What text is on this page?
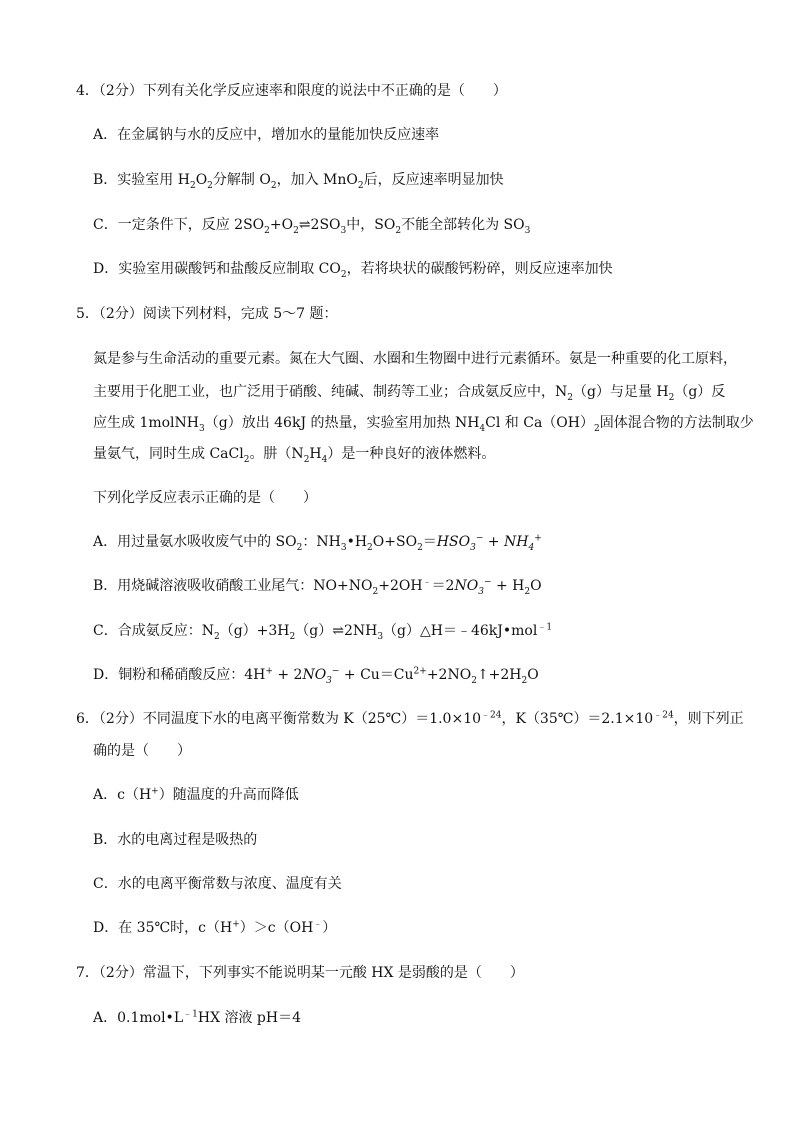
4．（2分）下列有关化学反应速率和限度的说法中不正确的是（　　）
A．在金属钠与水的反应中，增加水的量能加快反应速率
B．实验室用 $H_2O_2$分解制 $O_2$，加入 MnO$_2$后，反应速率明显加快
C．一定条件下，反应 $2SO_2+O_2\rightleftharpoons 2SO_3$中，$SO_2$不能全部转化为 $SO_3$
D．实验室用碳酸钙和盐酸反应制取 $CO_2$，若将块状的碳酸钙粉碎，则反应速率加快
5．（2分）阅读下列材料，完成 5～7 题：
氮是参与生命活动的重要元素。氮在大气圈、水圈和生物圈中进行元素循环。氨是一种重要的化工原料，
主要用于化肥工业，也广泛用于硝酸、纯碱、制药等工业；合成氨反应中，$N_2(g)$与足量 $H_2(g)$反
应生成 1molNH$_3$（g）放出 46kJ 的热量，实验室用加热 $NH_4Cl$ 和 $Ca(OH)_2$固体混合物的方法制取少
量氨气，同时生成 CaCl$_2$。肼$(N_2H_4)$是一种良好的液体燃料。
下列化学反应表示正确的是（　　）
A．用过量氨水吸收废气中的 $SO_2$：$NH_3•H_2O+SO_2=HSO_3^- + NH_4^+$
B．用烧碱溶液吸收硝酸工业尾气：$NO+NO_2+2OH^﹣=2NO_3^- + H_2O$
C．合成氨反应：$N_2(g)+3H_2(g)\rightleftharpoons 2NH_3(g)\triangle H=﹣46kJ•mol^{﹣1}$
D．铜粉和稀硝酸反应：$4H^+ + 2NO_3^-$ + $Cu=Cu^{2+}+2NO_2↑+2H_2O$
6．（2分）不同温度下水的电离平衡常数为 $K(25℃)=1.0\times 10^{﹣24}$，$K(35℃)=2.1\times 10^{﹣24}$，则下列正
确的是（　　）
A．c（H+）随温度的升高而降低
B．水的电离过程是吸热的
C．水的电离平衡常数与浓度、温度有关
D．在 35℃时，c（H+）＞c（OH﹣）
7．（2分）常温下，下列事实不能说明某一元酸 HX 是弱酸的是（　　）
A．$0.1mol•L^{﹣1}HX$ 溶液 pH＝4
